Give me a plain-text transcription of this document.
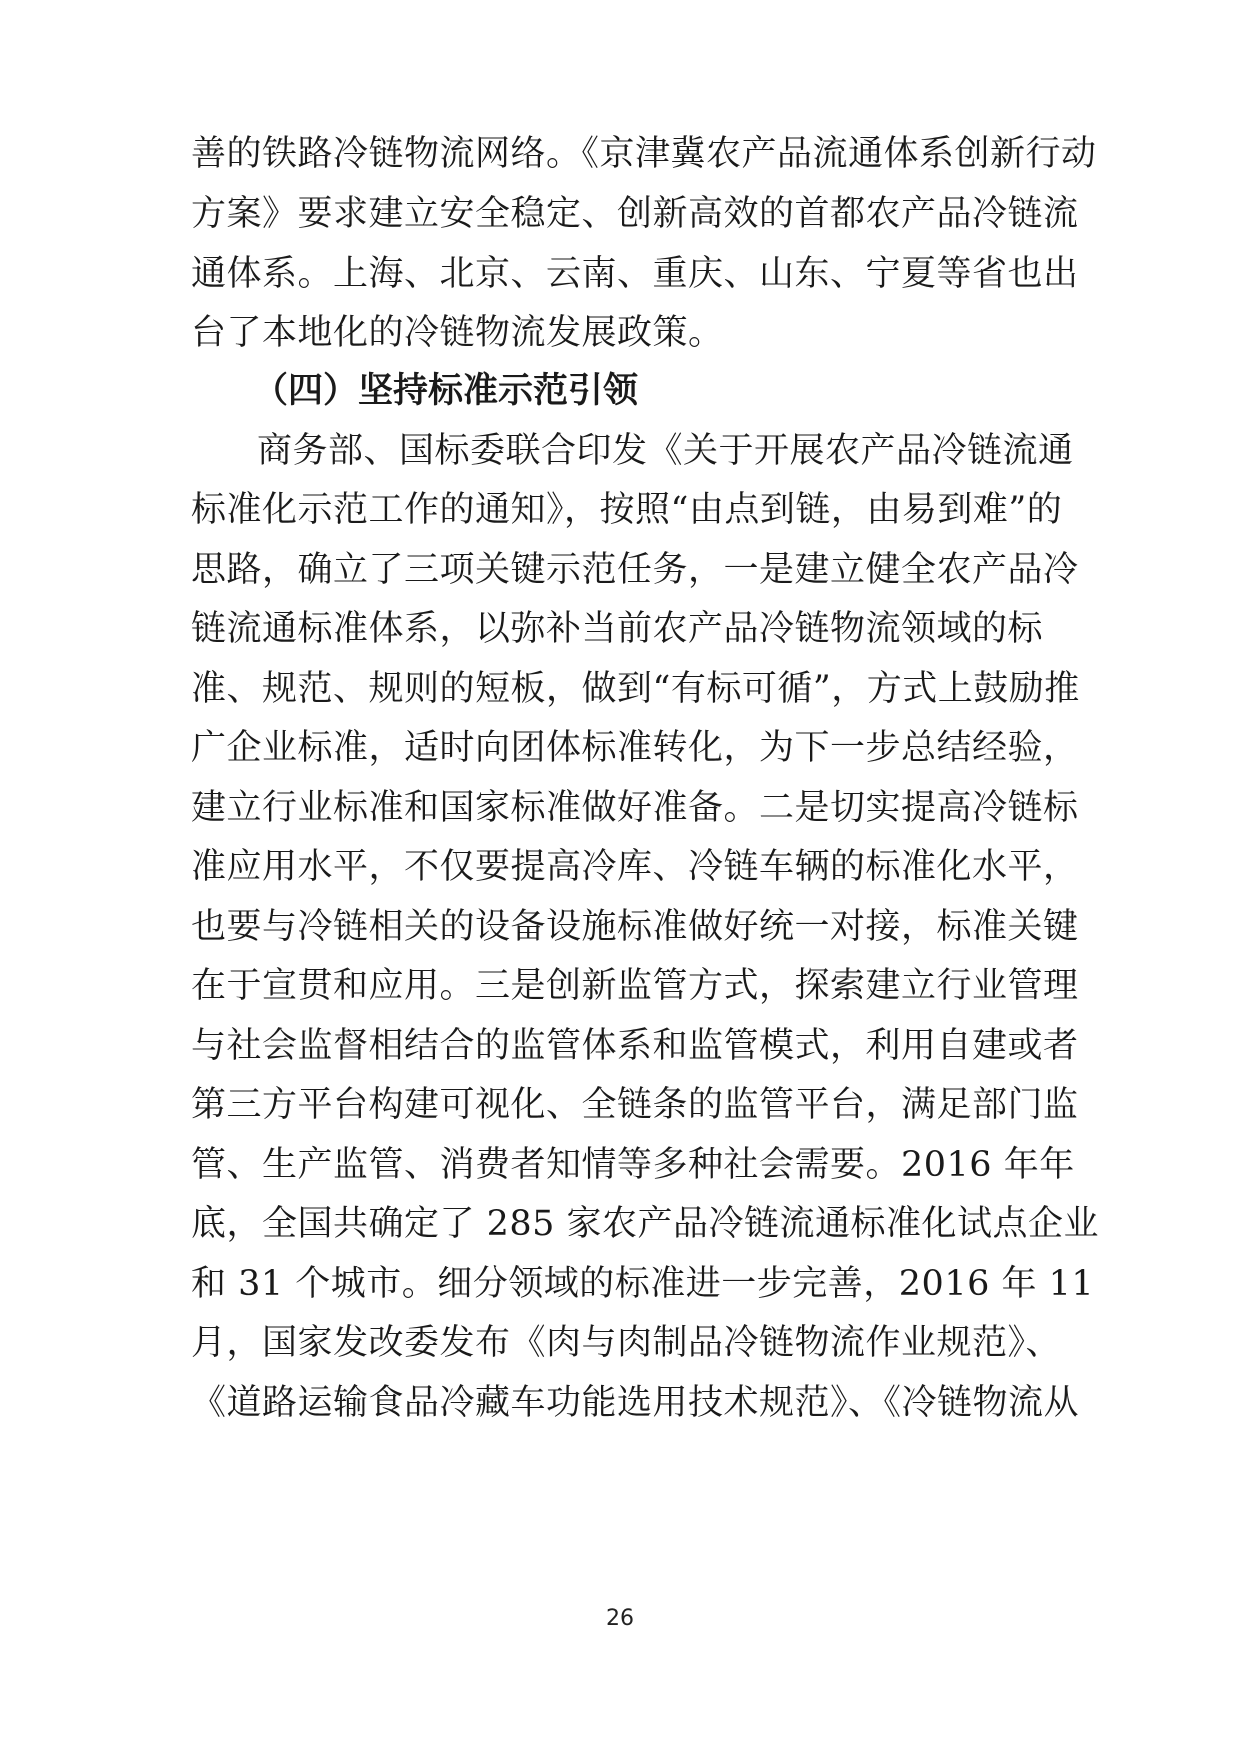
善的铁路冷链物流网络。《京津冀农产品流通体系创新行动
方案》要求建立安全稳定、创新高效的首都农产品冷链流
通体系。上海、北京、云南、重庆、山东、宁夏等省也出
台了本地化的冷链物流发展政策。
（四）坚持标准示范引领
商务部、国标委联合印发《关于开展农产品冷链流通
标准化示范工作的通知》，按照“由点到链，由易到难”的
思路，确立了三项关键示范任务，一是建立健全农产品冷
链流通标准体系，以弥补当前农产品冷链物流领域的标
准、规范、规则的短板，做到“有标可循”，方式上鼓励推
广企业标准，适时向团体标准转化，为下一步总结经验，
建立行业标准和国家标准做好准备。二是切实提高冷链标
准应用水平，不仅要提高冷库、冷链车辆的标准化水平，
也要与冷链相关的设备设施标准做好统一对接，标准关键
在于宣贯和应用。三是创新监管方式，探索建立行业管理
与社会监督相结合的监管体系和监管模式，利用自建或者
第三方平台构建可视化、全链条的监管平台，满足部门监
管、生产监管、消费者知情等多种社会需要。2016 年年
底，全国共确定了 285 家农产品冷链流通标准化试点企业
和 31 个城市。细分领域的标准进一步完善，2016 年 11
月，国家发改委发布《肉与肉制品冷链物流作业规范》、
《道路运输食品冷藏车功能选用技术规范》、《冷链物流从
26
